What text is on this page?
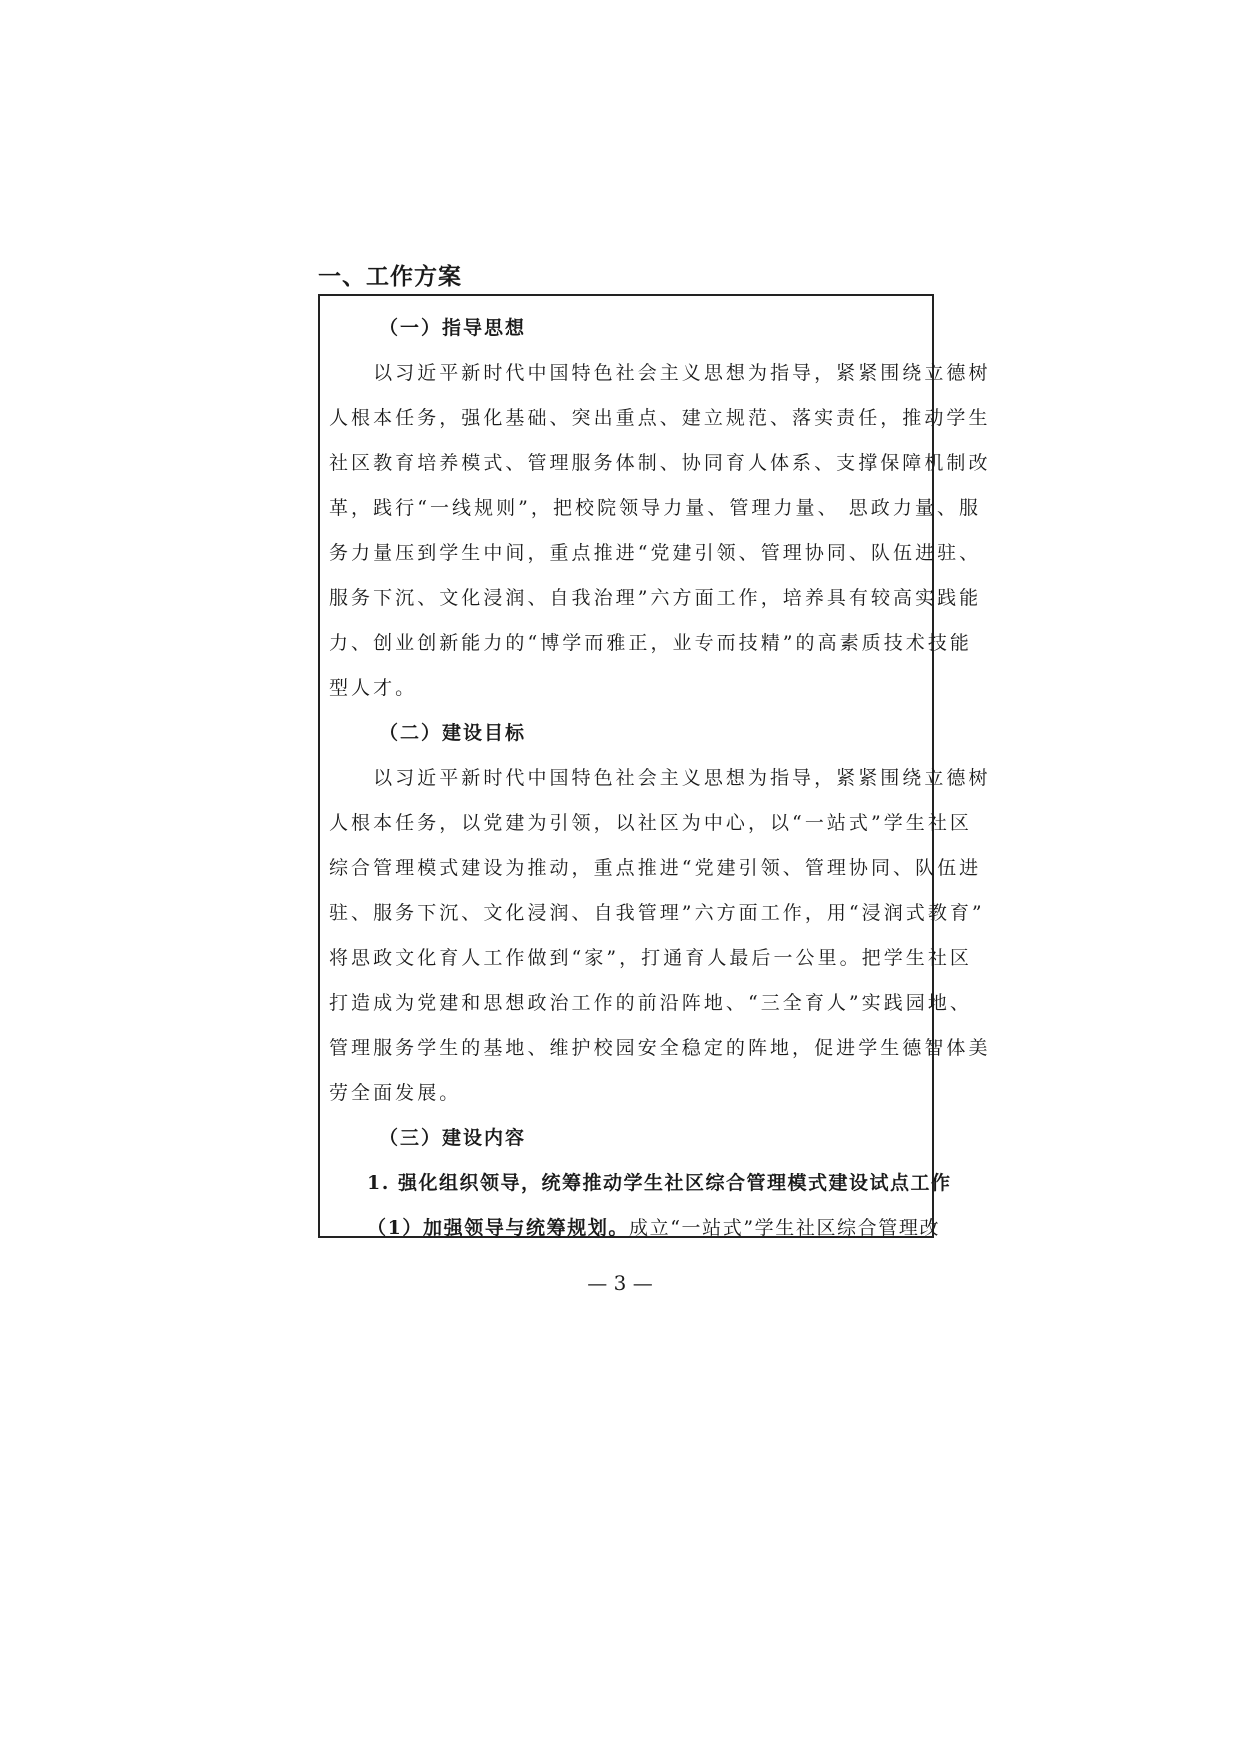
一、工作方案

（一）指导思想

　　以习近平新时代中国特色社会主义思想为指导，紧紧围绕立德树
人根本任务，强化基础、突出重点、建立规范、落实责任，推动学生
社区教育培养模式、管理服务体制、协同育人体系、支撑保障机制改
革，践行“一线规则”，把校院领导力量、管理力量、 思政力量、服
务力量压到学生中间，重点推进“党建引领、管理协同、队伍进驻、
服务下沉、文化浸润、自我治理”六方面工作，培养具有较高实践能
力、创业创新能力的“博学而雅正，业专而技精”的高素质技术技能
型人才。

（二）建设目标

　　以习近平新时代中国特色社会主义思想为指导，紧紧围绕立德树
人根本任务，以党建为引领，以社区为中心，以“一站式”学生社区
综合管理模式建设为推动，重点推进“党建引领、管理协同、队伍进
驻、服务下沉、文化浸润、自我管理”六方面工作，用“浸润式教育”
将思政文化育人工作做到“家”，打通育人最后一公里。把学生社区
打造成为党建和思想政治工作的前沿阵地、“三全育人”实践园地、
管理服务学生的基地、维护校园安全稳定的阵地，促进学生德智体美
劳全面发展。

（三）建设内容

1. 强化组织领导，统筹推动学生社区综合管理模式建设试点工作

（1）加强领导与统筹规划。成立“一站式”学生社区综合管理改

— 3 —
